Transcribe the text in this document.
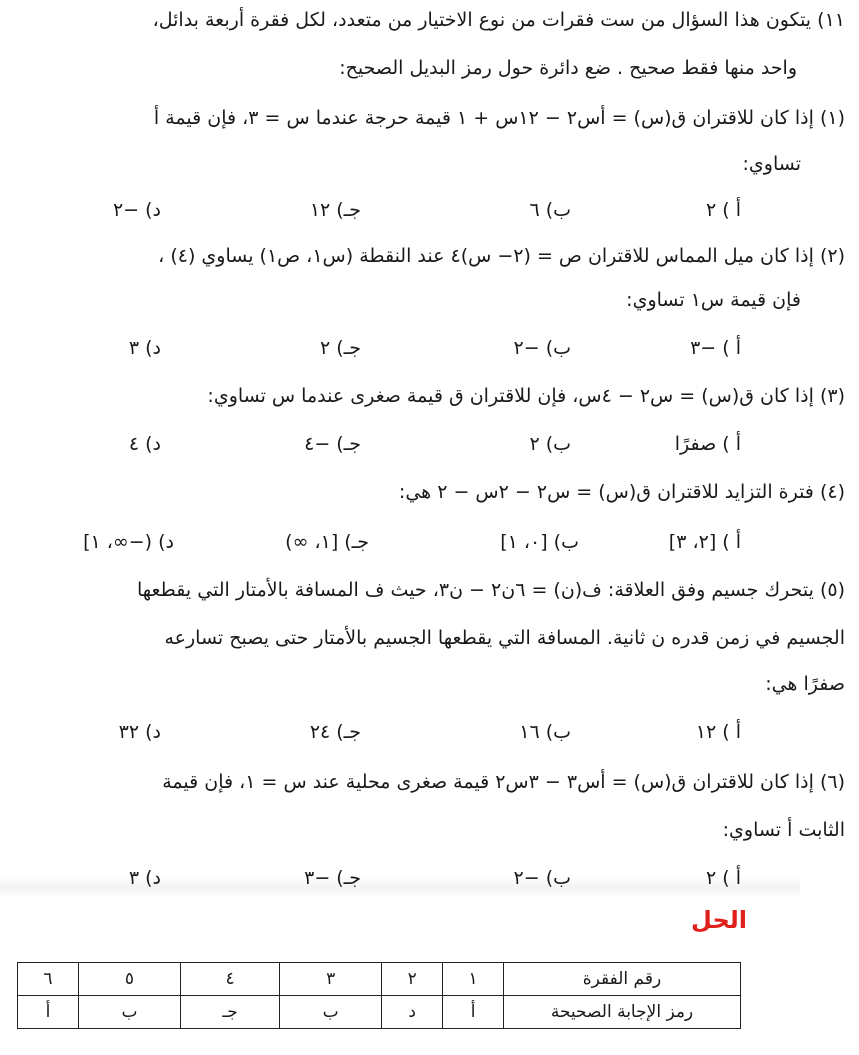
١١) يتكون هذا السؤال من ست فقرات من نوع الاختيار من متعدد، لكل فقرة أربعة بدائل،
واحد منها فقط صحيح . ضع دائرة حول رمز البديل الصحيح:
(١) إذا كان للاقتران ق(س) = أس٢ − ١٢س + ١ قيمة حرجة عندما س = ٣، فإن قيمة أ
تساوي:
أ ) ٢
ب) ٦
جـ) ١٢
د) −٢
(٢) إذا كان ميل المماس للاقتران ص = (٢− س)٤ عند النقطة (س١، ص١) يساوي (٤) ،
فإن قيمة س١ تساوي:
أ ) −٣
ب) −٢
جـ) ٢
د) ٣
(٣) إذا كان ق(س) = س٢ − ٤س، فإن للاقتران ق قيمة صغرى عندما س تساوي:
أ ) صفرًا
ب) ٢
جـ) −٤
د) ٤
(٤) فترة التزايد للاقتران ق(س) = س٢ − ٢س − ٢ هي:
أ ) [٢، ٣]
ب) [٠، ١]
جـ) [١، ∞)
د) (−∞، ١]
(٥) يتحرك جسيم وفق العلاقة: ف(ن) = ٦ن٢ − ن٣، حيث ف المسافة بالأمتار التي يقطعها
الجسيم في زمن قدره ن ثانية. المسافة التي يقطعها الجسيم بالأمتار حتى يصبح تسارعه
صفرًا هي:
أ ) ١٢
ب) ١٦
جـ) ٢٤
د) ٣٢
(٦) إذا كان للاقتران ق(س) = أس٣ − ٣س٢ قيمة صغرى محلية عند س = ١، فإن قيمة
الثابت أ تساوي:
أ ) ٢
ب) −٢
جـ) −٣
د) ٣
الحل
رقم الفقرة	١	٢	٣	٤	٥	٦
رمز الإجابة الصحيحة	أ	د	ب	جـ	ب	أ
